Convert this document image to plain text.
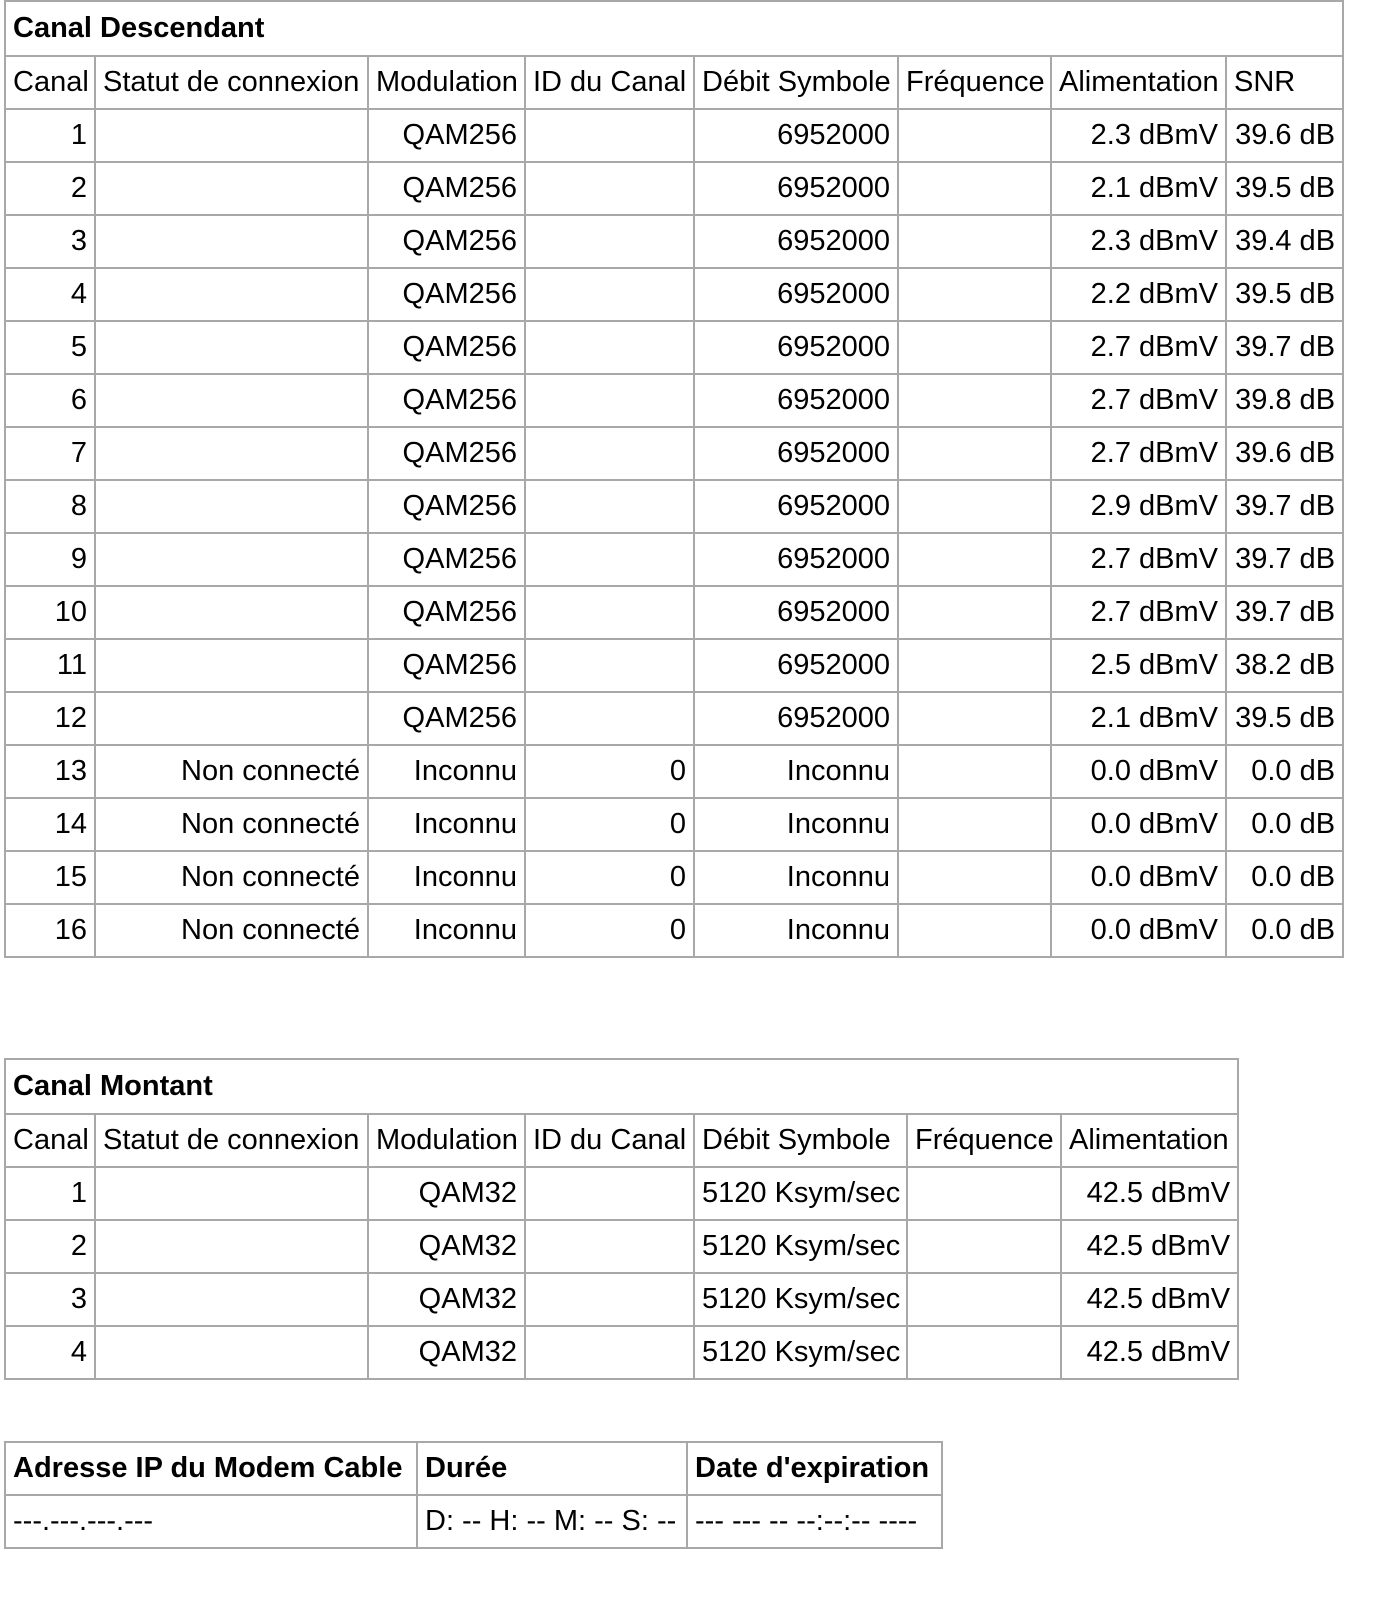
Canal Descendant							
Canal	Statut de connexion	Modulation	ID du Canal	Débit Symbole	Fréquence	Alimentation	SNR
1		QAM256		6952000		2.3 dBmV	39.6 dB
2		QAM256		6952000		2.1 dBmV	39.5 dB
3		QAM256		6952000		2.3 dBmV	39.4 dB
4		QAM256		6952000		2.2 dBmV	39.5 dB
5		QAM256		6952000		2.7 dBmV	39.7 dB
6		QAM256		6952000		2.7 dBmV	39.8 dB
7		QAM256		6952000		2.7 dBmV	39.6 dB
8		QAM256		6952000		2.9 dBmV	39.7 dB
9		QAM256		6952000		2.7 dBmV	39.7 dB
10		QAM256		6952000		2.7 dBmV	39.7 dB
11		QAM256		6952000		2.5 dBmV	38.2 dB
12		QAM256		6952000		2.1 dBmV	39.5 dB
13	Non connecté	Inconnu	0	Inconnu		0.0 dBmV	0.0 dB
14	Non connecté	Inconnu	0	Inconnu		0.0 dBmV	0.0 dB
15	Non connecté	Inconnu	0	Inconnu		0.0 dBmV	0.0 dB
16	Non connecté	Inconnu	0	Inconnu		0.0 dBmV	0.0 dB
Canal Montant						
Canal	Statut de connexion	Modulation	ID du Canal	Débit Symbole	Fréquence	Alimentation
1		QAM32		5120 Ksym/sec		42.5 dBmV
2		QAM32		5120 Ksym/sec		42.5 dBmV
3		QAM32		5120 Ksym/sec		42.5 dBmV
4		QAM32		5120 Ksym/sec		42.5 dBmV
Adresse IP du Modem Cable	Durée	Date d'expiration
---.---.---.---	D: -- H: -- M: -- S: --	--- --- -- --:--:-- ----
